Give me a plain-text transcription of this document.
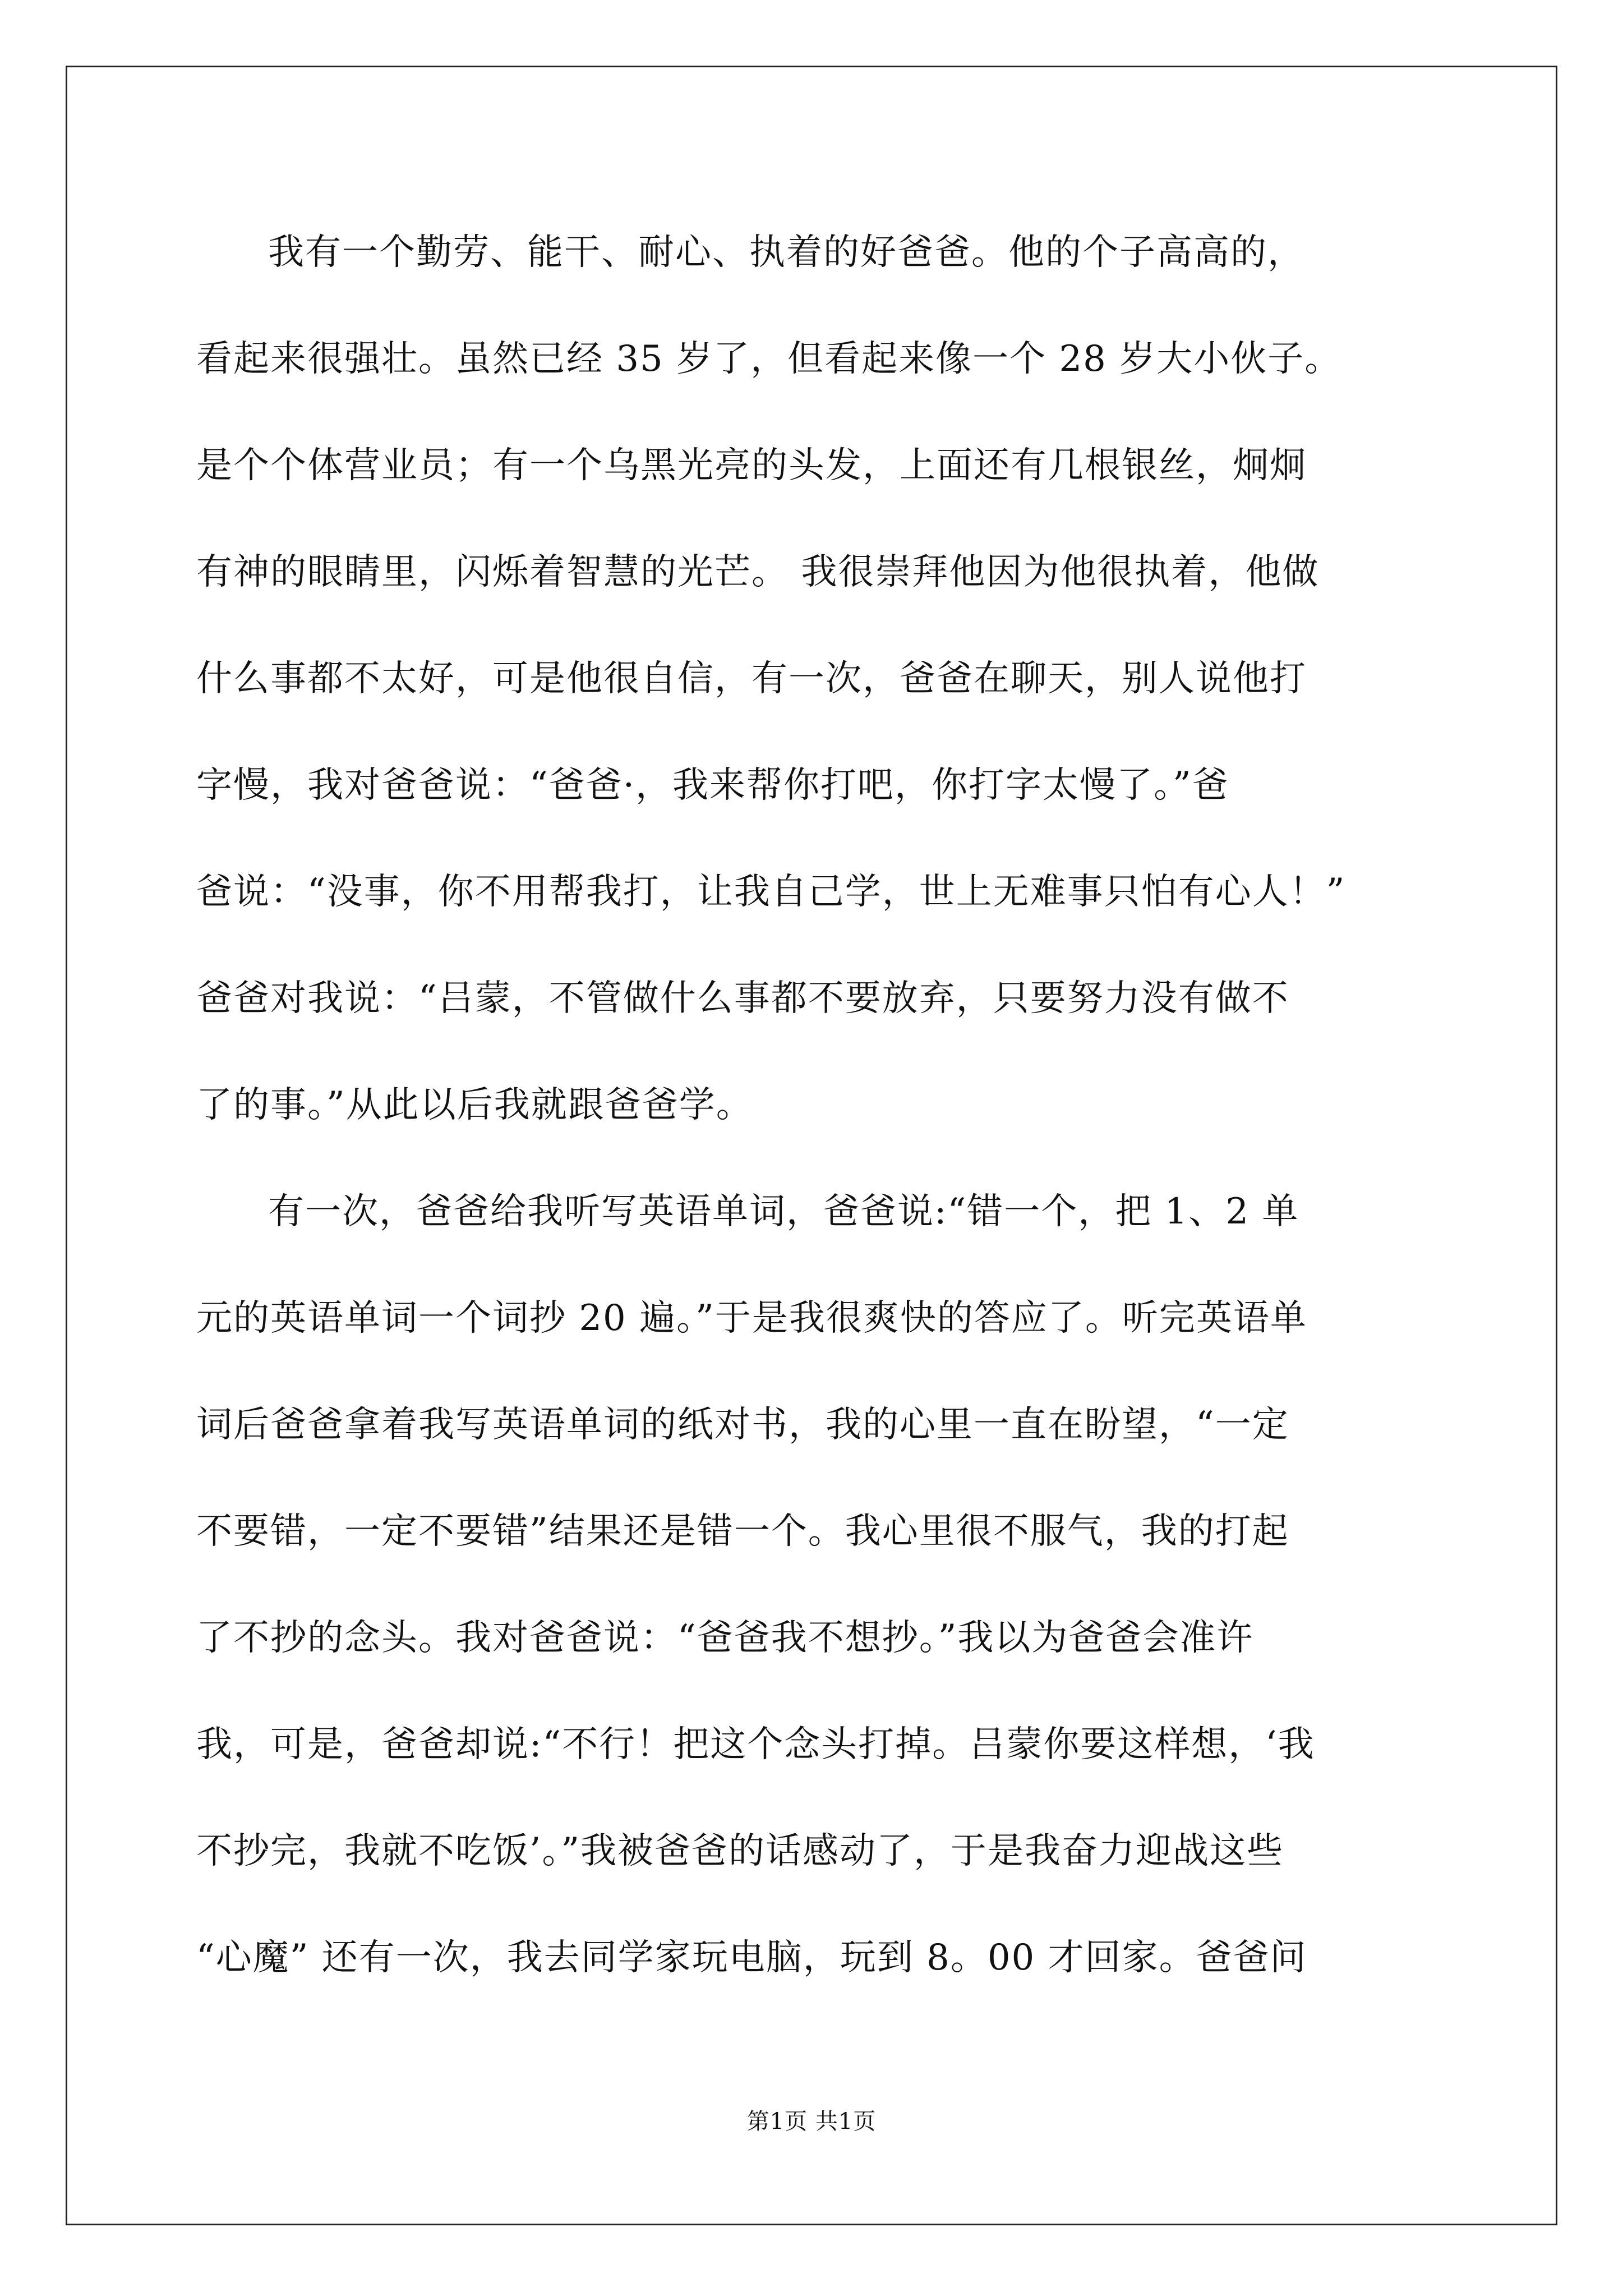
我有一个勤劳、能干、耐心、执着的好爸爸。他的个子高高的，
看起来很强壮。虽然已经 35 岁了，但看起来像一个 28 岁大小伙子。
是个个体营业员；有一个乌黑光亮的头发，上面还有几根银丝，炯炯
有神的眼睛里，闪烁着智慧的光芒。 我很崇拜他因为他很执着，他做
什么事都不太好，可是他很自信，有一次，爸爸在聊天，别人说他打
字慢，我对爸爸说：“爸爸·，我来帮你打吧，你打字太慢了。”爸
爸说：“没事，你不用帮我打，让我自己学，世上无难事只怕有心人！”
爸爸对我说：“吕蒙，不管做什么事都不要放弃，只要努力没有做不
了的事。”从此以后我就跟爸爸学。
有一次，爸爸给我听写英语单词，爸爸说:“错一个，把 1、2 单
元的英语单词一个词抄 20 遍。”于是我很爽快的答应了。听完英语单
词后爸爸拿着我写英语单词的纸对书，我的心里一直在盼望，“一定
不要错，一定不要错”结果还是错一个。我心里很不服气，我的打起
了不抄的念头。我对爸爸说：“爸爸我不想抄。”我以为爸爸会准许
我，可是，爸爸却说:“不行！把这个念头打掉。吕蒙你要这样想，‘我
不抄完，我就不吃饭’。”我被爸爸的话感动了，于是我奋力迎战这些
“心魔” 还有一次，我去同学家玩电脑，玩到 8。00 才回家。爸爸问
第1页 共1页
